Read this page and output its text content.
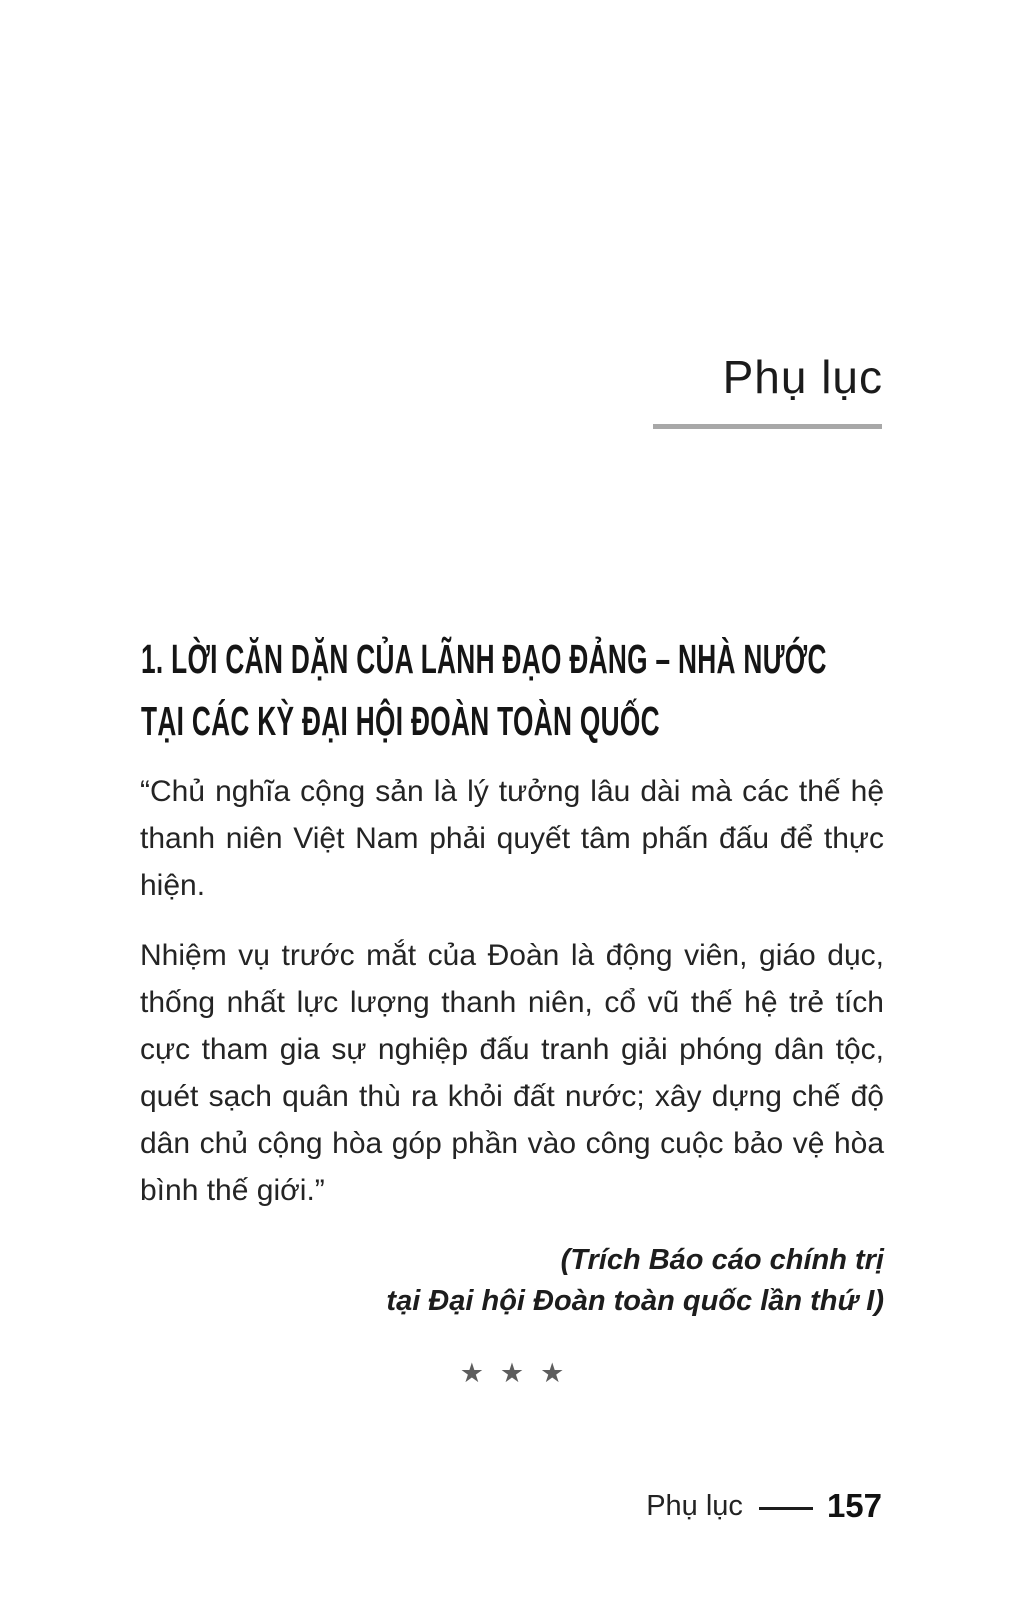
Phụ lục
1. LỜI CĂN DẶN CỦA LÃNH ĐẠO ĐẢNG – NHÀ NƯỚC
TẠI CÁC KỲ ĐẠI HỘI ĐOÀN TOÀN QUỐC

“Chủ nghĩa cộng sản là lý tưởng lâu dài mà các thế hệ thanh niên Việt Nam phải quyết tâm phấn đấu để thực hiện.

Nhiệm vụ trước mắt của Đoàn là động viên, giáo dục, thống nhất lực lượng thanh niên, cổ vũ thế hệ trẻ tích cực tham gia sự nghiệp đấu tranh giải phóng dân tộc, quét sạch quân thù ra khỏi đất nước; xây dựng chế độ dân chủ cộng hòa góp phần vào công cuộc bảo vệ hòa bình thế giới.”

(Trích Báo cáo chính trị
tại Đại hội Đoàn toàn quốc lần thứ I)
★★★
Phụ lục	157
